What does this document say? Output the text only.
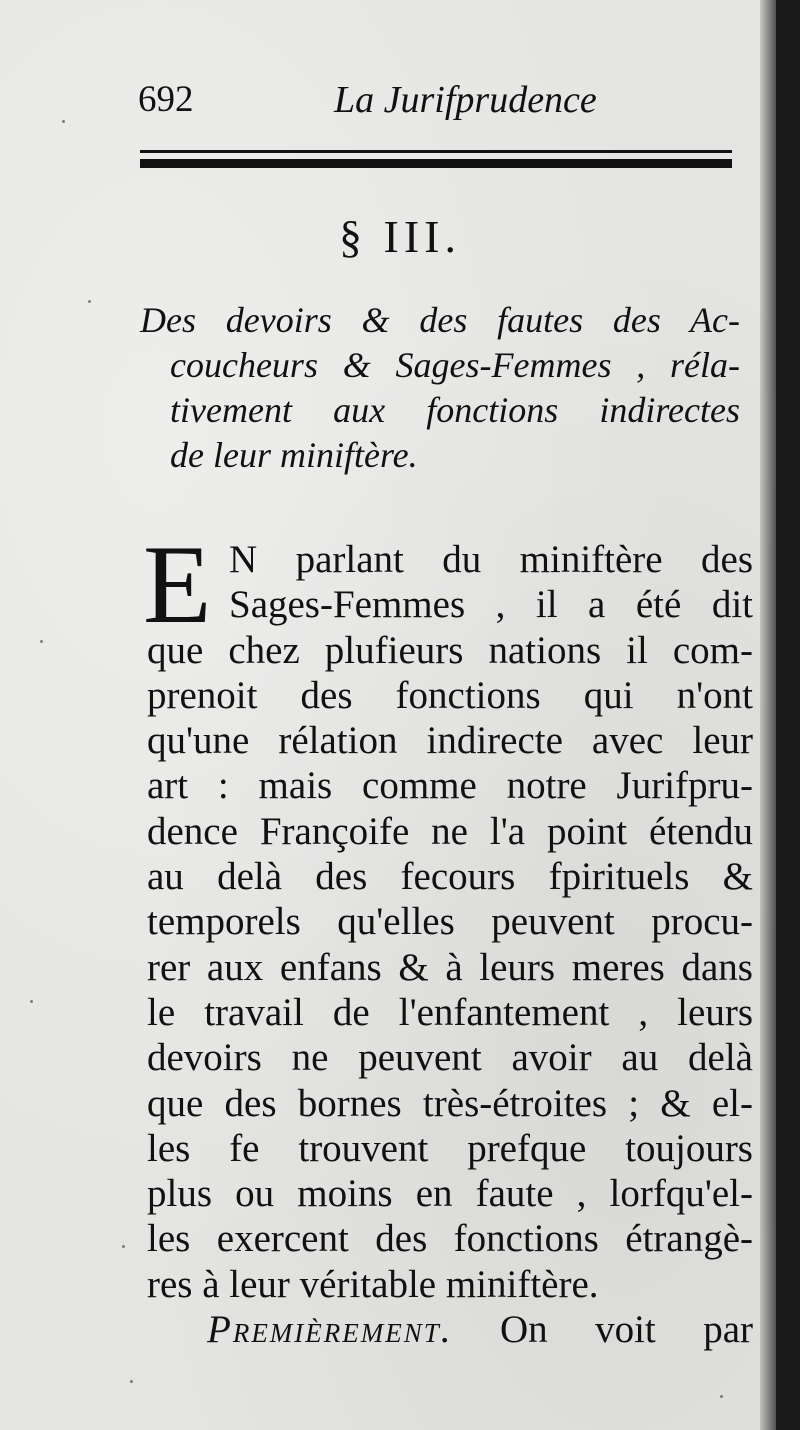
692	La Jurifprudence
§ III.
Des devoirs & des fautes des Ac-
coucheurs & Sages-Femmes , réla-
tivement aux fonctions indirectes
de leur miniftère.
E N parlant du miniftère des
Sages-Femmes , il a été dit
que chez plufieurs nations il com-
prenoit des fonctions qui n'ont
qu'une rélation indirecte avec leur
art : mais comme notre Jurifpru-
dence Françoife ne l'a point étendu
au delà des fecours fpirituels &
temporels qu'elles peuvent procu-
rer aux enfans & à leurs meres dans
le travail de l'enfantement , leurs
devoirs ne peuvent avoir au delà
que des bornes très-étroites ; & el-
les fe trouvent prefque toujours
plus ou moins en faute , lorfqu'el-
les exercent des fonctions étrangè-
res à leur véritable miniftère.
Premièrement. On voit par
